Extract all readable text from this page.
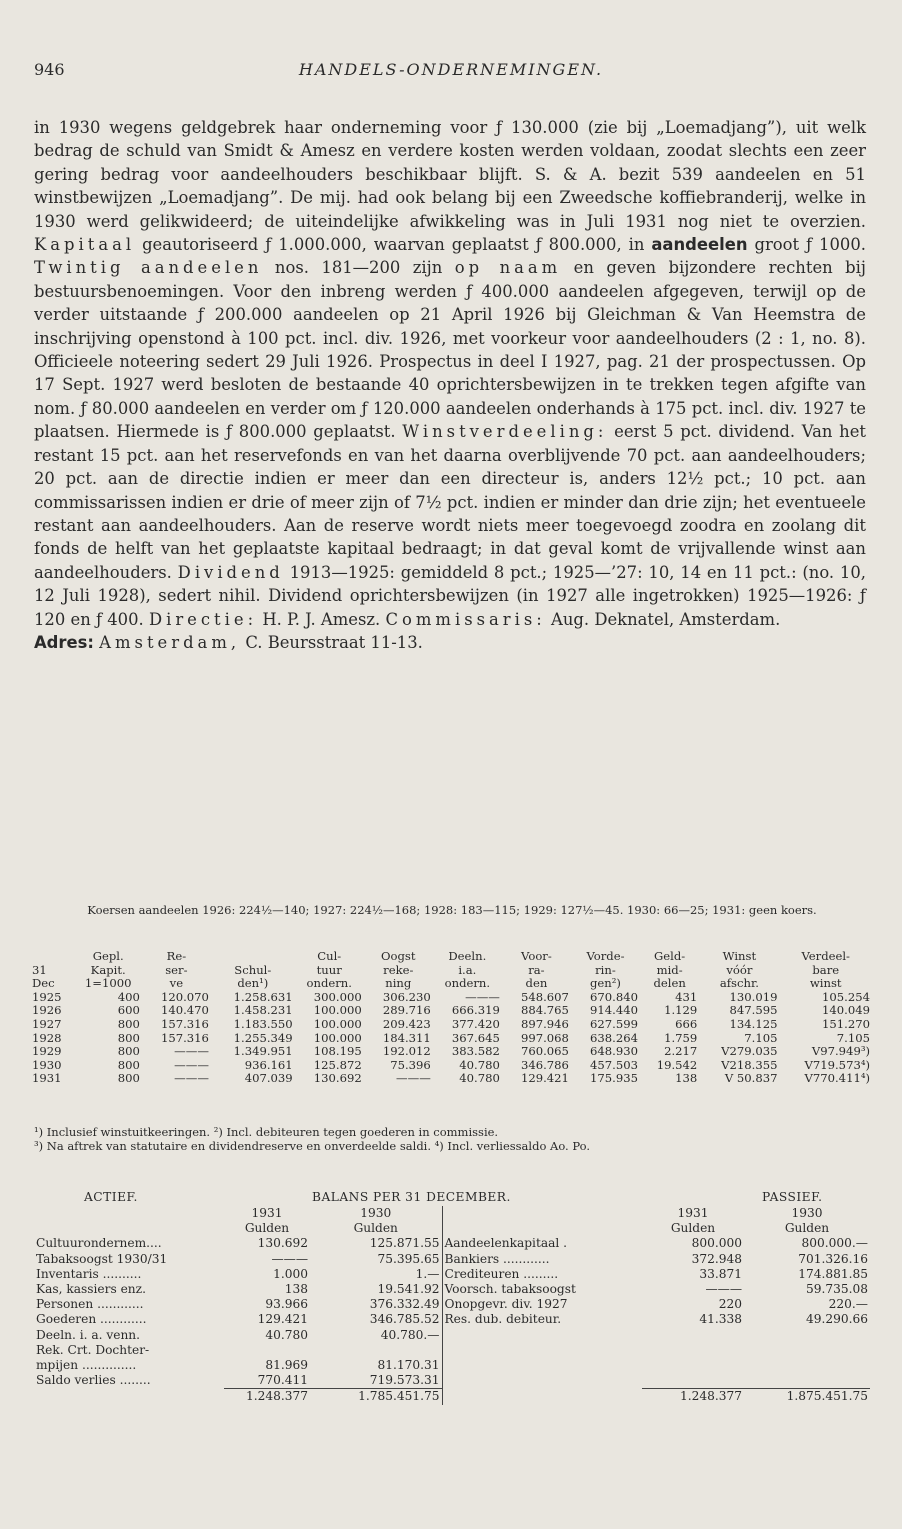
946	HANDELS-ONDERNEMINGEN.

in 1930 wegens geldgebrek haar onderneming voor ƒ 130.000 (zie bij „Loemadjang”), uit welk bedrag de schuld van Smidt & Amesz en verdere kosten werden voldaan, zoodat slechts een zeer gering bedrag voor aandeelhouders beschikbaar blijft. S. & A. bezit 539 aandeelen en 51 winstbewijzen „Loemadjang”. De mij. had ook belang bij een Zweedsche koffiebranderij, welke in 1930 werd gelikwideerd; de uiteindelijke afwikkeling was in Juli 1931 nog niet te overzien. Kapitaal geautoriseerd ƒ 1.000.000, waarvan geplaatst ƒ 800.000, in aandeelen groot ƒ 1000. Twintig aandeelen nos. 181—200 zijn op naam en geven bijzondere rechten bij bestuursbenoemingen. Voor den inbreng werden ƒ 400.000 aandeelen afgegeven, terwijl op de verder uitstaande ƒ 200.000 aandeelen op 21 April 1926 bij Gleichman & Van Heemstra de inschrijving openstond à 100 pct. incl. div. 1926, met voorkeur voor aandeelhouders (2 : 1, no. 8). Officieele noteering sedert 29 Juli 1926. Prospectus in deel I 1927, pag. 21 der prospectussen. Op 17 Sept. 1927 werd besloten de bestaande 40 oprichtersbewijzen in te trekken tegen afgifte van nom. ƒ 80.000 aandeelen en verder om ƒ 120.000 aandeelen onderhands à 175 pct. incl. div. 1927 te plaatsen. Hiermede is ƒ 800.000 geplaatst. Winstverdeeling: eerst 5 pct. dividend. Van het restant 15 pct. aan het reservefonds en van het daarna overblijvende 70 pct. aan aandeelhouders; 20 pct. aan de directie indien er meer dan een directeur is, anders 12½ pct.; 10 pct. aan commissarissen indien er drie of meer zijn of 7½ pct. indien er minder dan drie zijn; het eventueele restant aan aandeelhouders. Aan de reserve wordt niets meer toegevoegd zoodra en zoolang dit fonds de helft van het geplaatste kapitaal bedraagt; in dat geval komt de vrijvallende winst aan aandeelhouders. Dividend 1913—1925: gemiddeld 8 pct.; 1925—’27: 10, 14 en 11 pct.: (no. 10, 12 Juli 1928), sedert nihil. Dividend oprichtersbewijzen (in 1927 alle ingetrokken) 1925—1926: ƒ 120 en ƒ 400. Directie: H. P. J. Amesz. Commissaris: Aug. Deknatel, Amsterdam.

Adres: Amsterdam, C. Beursstraat 11-13.

Koersen aandeelen 1926: 224½—140; 1927: 224½—168; 1928: 183—115; 1929: 127½—45. 1930: 66—25; 1931: geen koers.
	Gepl.	Re-		Cul-	Oogst	Deeln.	Voor-	Vorde-	Geld-	Winst	Verdeel-
31	Kapit.	ser-	Schul-	tuur	reke-	i.a.	ra-	rin-	mid-	vóór	bare
Dec	1=1000	ve	den¹)	ondern.	ning	ondern.	den	gen²)	delen	afschr.	winst
1925	400	120.070	1.258.631	300.000	306.230	———	548.607	670.840	431	130.019	105.254
1926	600	140.470	1.458.231	100.000	289.716	666.319	884.765	914.440	1.129	847.595	140.049
1927	800	157.316	1.183.550	100.000	209.423	377.420	897.946	627.599	666	134.125	151.270
1928	800	157.316	1.255.349	100.000	184.311	367.645	997.068	638.264	1.759	7.105	7.105
1929	800	———	1.349.951	108.195	192.012	383.582	760.065	648.930	2.217	V279.035	V97.949³)
1930	800	———	936.161	125.872	75.396	40.780	346.786	457.503	19.542	V218.355	V719.573⁴)
1931	800	———	407.039	130.692	———	40.780	129.421	175.935	138	V 50.837	V770.411⁴)
¹) Inclusief winstuitkeeringen. ²) Incl. debiteuren tegen goederen in commissie.
³) Na aftrek van statutaire en dividendreserve en onverdeelde saldi. ⁴) Incl. verliessaldo Ao. Po.
ACTIEF.	BALANS PER 31 DECEMBER.	PASSIEF.
	1931	1930		1931	1930
	Gulden	Gulden		Gulden	Gulden
Cultuurondernem....	130.692	125.871.55	Aandeelenkapitaal .	800.000	800.000.—
Tabaksoogst 1930/31	———	75.395.65	Bankiers ............	372.948	701.326.16
Inventaris ..........	1.000	1.—	Crediteuren .........	33.871	174.881.85
Kas, kassiers enz.	138	19.541.92	Voorsch. tabaksoogst	———	59.735.08
Personen ............	93.966	376.332.49	Onopgevr. div. 1927	220	220.—
Goederen ............	129.421	346.785.52	Res. dub. debiteur.	41.338	49.290.66
Deeln. i. a. venn.	40.780	40.780.—			
Rek. Crt. Dochter-					
mpijen ..............	81.969	81.170.31			
Saldo verlies ........	770.411	719.573.31			
	1.248.377	1.785.451.75		1.248.377	1.875.451.75
